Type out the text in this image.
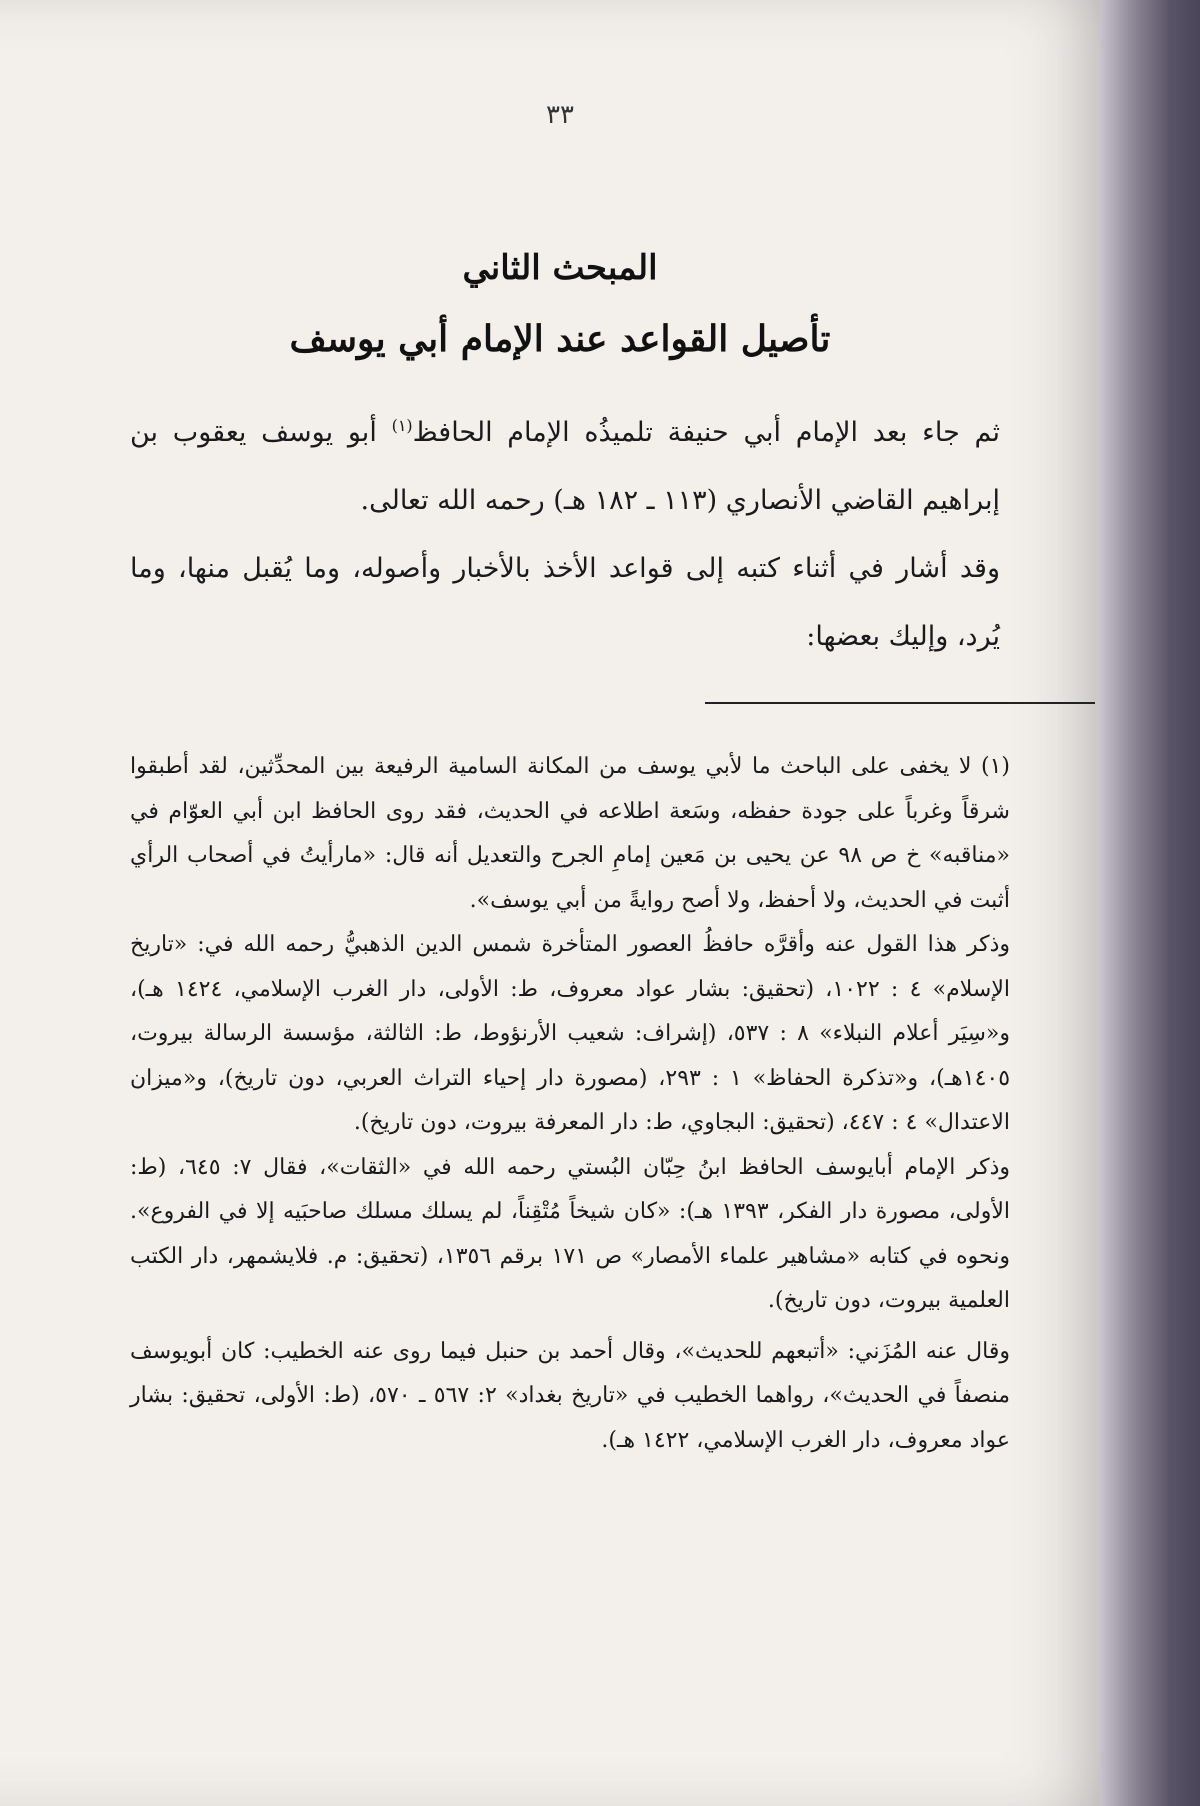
٣٣
المبحث الثاني
تأصيل القواعد عند الإمام أبي يوسف

ثم جاء بعد الإمام أبي حنيفة تلميذُه الإمام الحافظ$^{(١)}$ أبو يوسف يعقوب بن إبراهيم القاضي الأنصاري (١١٣ ـ ١٨٢ هـ) رحمه الله تعالى.

وقد أشار في أثناء كتبه إلى قواعد الأخذ بالأخبار وأصوله، وما يُقبل منها، وما يُرد، وإليك بعضها:

(١) لا يخفى على الباحث ما لأبي يوسف من المكانة السامية الرفيعة بين المحدِّثين، لقد أطبقوا شرقاً وغرباً على جودة حفظه، وسَعة اطلاعه في الحديث، فقد روى الحافظ ابن أبي العوّام في «مناقبه» خ ص ٩٨ عن يحيى بن مَعين إمامِ الجرح والتعديل أنه قال: «مارأيتُ في أصحاب الرأي أثبت في الحديث، ولا أحفظ، ولا أصح روايةً من أبي يوسف».

وذكر هذا القول عنه وأقرَّه حافظُ العصور المتأخرة شمس الدين الذهبيُّ رحمه الله في: «تاريخ الإسلام» ٤ : ١٠٢٢، (تحقيق: بشار عواد معروف، ط: الأولى، دار الغرب الإسلامي، ١٤٢٤ هـ)، و«سِيَر أعلام النبلاء» ٨ : ٥٣٧، (إشراف: شعيب الأرنؤوط، ط: الثالثة، مؤسسة الرسالة بيروت، ١٤٠٥هـ)، و«تذكرة الحفاظ» ١ : ٢٩٣، (مصورة دار إحياء التراث العربي، دون تاريخ)، و«ميزان الاعتدال» ٤ : ٤٤٧، (تحقيق: البجاوي، ط: دار المعرفة بيروت، دون تاريخ).

وذكر الإمام أبايوسف الحافظ ابنُ حِبّان البُستي رحمه الله في «الثقات»، فقال ٧: ٦٤٥، (ط: الأولى، مصورة دار الفكر، ١٣٩٣ هـ): «كان شيخاً مُتْقِناً، لم يسلك مسلك صاحبَيه إلا في الفروع». ونحوه في كتابه «مشاهير علماء الأمصار» ص ١٧١ برقم ١٣٥٦، (تحقيق: م. فلايشمهر، دار الكتب العلمية بيروت، دون تاريخ).

وقال عنه المُزَني: «أتبعهم للحديث»، وقال أحمد بن حنبل فيما روى عنه الخطيب: كان أبويوسف منصفاً في الحديث»، رواهما الخطيب في «تاريخ بغداد» ٢: ٥٦٧ ـ ٥٧٠، (ط: الأولى، تحقيق: بشار عواد معروف، دار الغرب الإسلامي، ١٤٢٢ هـ).
